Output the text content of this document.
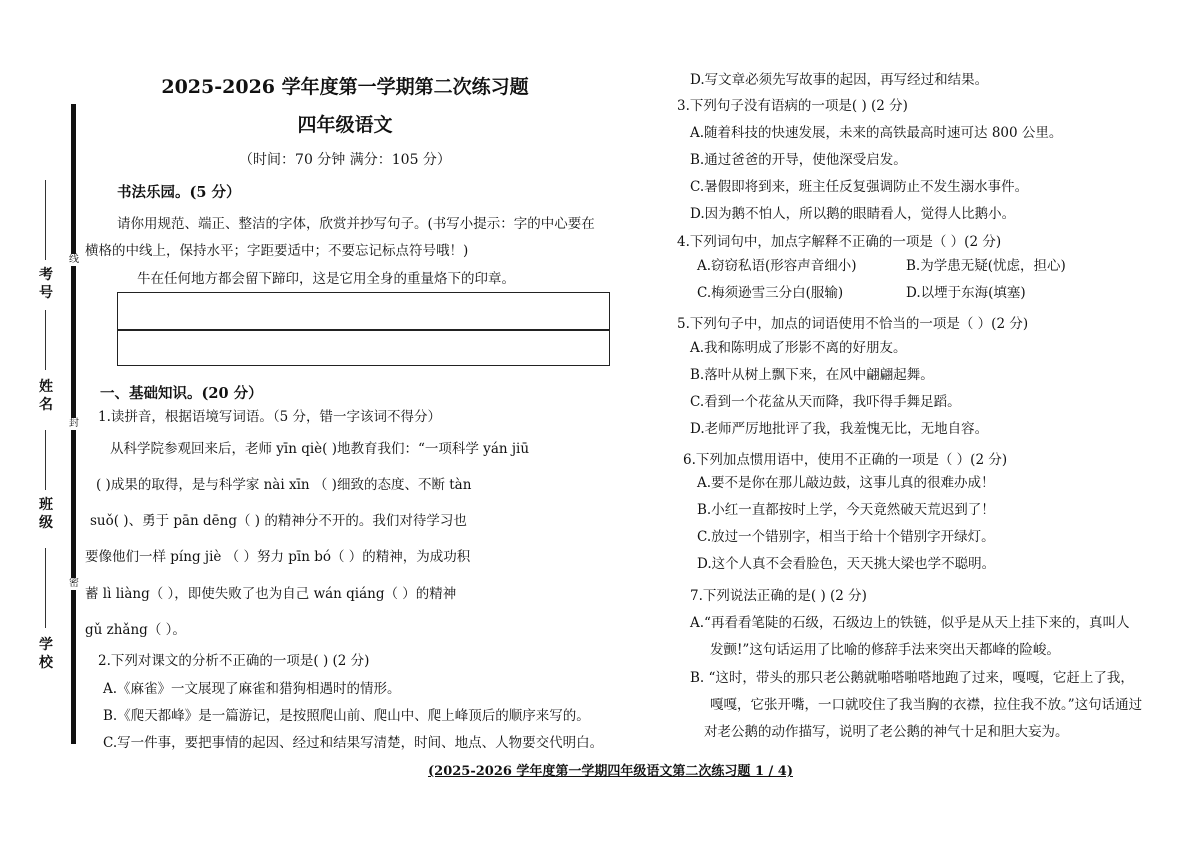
线
封
密
考
号
姓
名
班
级
学
校
2025-2026 学年度第一学期第二次练习题
四年级语文
（时间：70 分钟 满分：105 分）
书法乐园。(5 分）
请你用规范、端正、整洁的字体，欣赏并抄写句子。(书写小提示：字的中心要在
横格的中线上，保持水平；字距要适中；不要忘记标点符号哦！)
牛在任何地方都会留下蹄印，这是它用全身的重量烙下的印章。
一、基础知识。(20 分）
1.读拼音，根据语境写词语。（5 分，错一字该词不得分）
从科学院参观回来后，老师 yīn qiè( )地教育我们：“一项科学 yán jiū
( )成果的取得，是与科学家 nài xīn （ )细致的态度、不断 tàn
suǒ( )、勇于 pān dēng（ ) 的精神分不开的。我们对待学习也
要像他们一样 píng jiè （ ）努力 pīn bó（ ）的精神，为成功积
蓄 lì liàng（ ），即使失败了也为自己 wán qiáng（ ）的精神
gǔ zhǎng（ ）。
2.下列对课文的分析不正确的一项是( ) (2 分)
A.《麻雀》一文展现了麻雀和猎狗相遇时的情形。
B.《爬天都峰》是一篇游记，是按照爬山前、爬山中、爬上峰顶后的顺序来写的。
C.写一件事，要把事情的起因、经过和结果写清楚，时间、地点、人物要交代明白。
D.写文章必须先写故事的起因，再写经过和结果。
3.下列句子没有语病的一项是( ) (2 分)
A.随着科技的快速发展，未来的高铁最高时速可达 800 公里。
B.通过爸爸的开导，使他深受启发。
C.暑假即将到来，班主任反复强调防止不发生溺水事件。
D.因为鹅不怕人，所以鹅的眼睛看人，觉得人比鹅小。
4.下列词句中，加点字解释不正确的一项是（ ）(2 分)
A.窃窃私语(形容声音细小)	B.为学患无疑(忧虑，担心)
C.梅须逊雪三分白(服输)	D.以堙于东海(填塞)
5.下列句子中，加点的词语使用不恰当的一项是（ ）(2 分)
A.我和陈明成了形影不离的好朋友。
B.落叶从树上飘下来，在风中翩翩起舞。
C.看到一个花盆从天而降，我吓得手舞足蹈。
D.老师严厉地批评了我，我羞愧无比，无地自容。
6.下列加点惯用语中，使用不正确的一项是（ ）(2 分)
A.要不是你在那儿敲边鼓，这事儿真的很难办成！
B.小红一直都按时上学，今天竟然破天荒迟到了！
C.放过一个错别字，相当于给十个错别字开绿灯。
D.这个人真不会看脸色，天天挑大梁也学不聪明。
7.下列说法正确的是( ) (2 分)
A.“再看看笔陡的石级，石级边上的铁链，似乎是从天上挂下来的，真叫人
发颤!”这句话运用了比喻的修辞手法来突出天都峰的险峻。
B. “这时，带头的那只老公鹅就啪嗒啪嗒地跑了过来，嘎嘎，它赶上了我，
嘎嘎，它张开嘴，一口就咬住了我当胸的衣襟，拉住我不放。”这句话通过
对老公鹅的动作描写，说明了老公鹅的神气十足和胆大妄为。
(2025-2026 学年度第一学期四年级语文第二次练习题 1 / 4)
